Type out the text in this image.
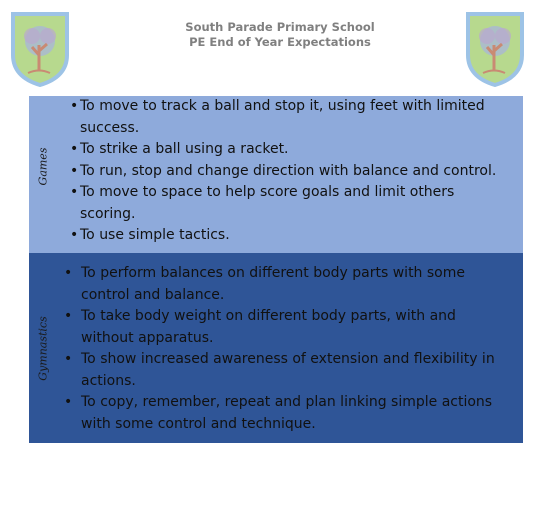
South Parade Primary School
PE End of Year Expectations
Games
• To move to track a ball and stop it, using feet with limited success.
• To strike a ball using a racket.
• To run, stop and change direction with balance and control.
• To move to space to help score goals and limit others scoring.
• To use simple tactics.
Gymnastics
• To perform balances on different body parts with some control and balance.
• To take body weight on different body parts, with and without apparatus.
• To show increased awareness of extension and flexibility in actions.
• To copy, remember, repeat and plan linking simple actions with some control and technique.
